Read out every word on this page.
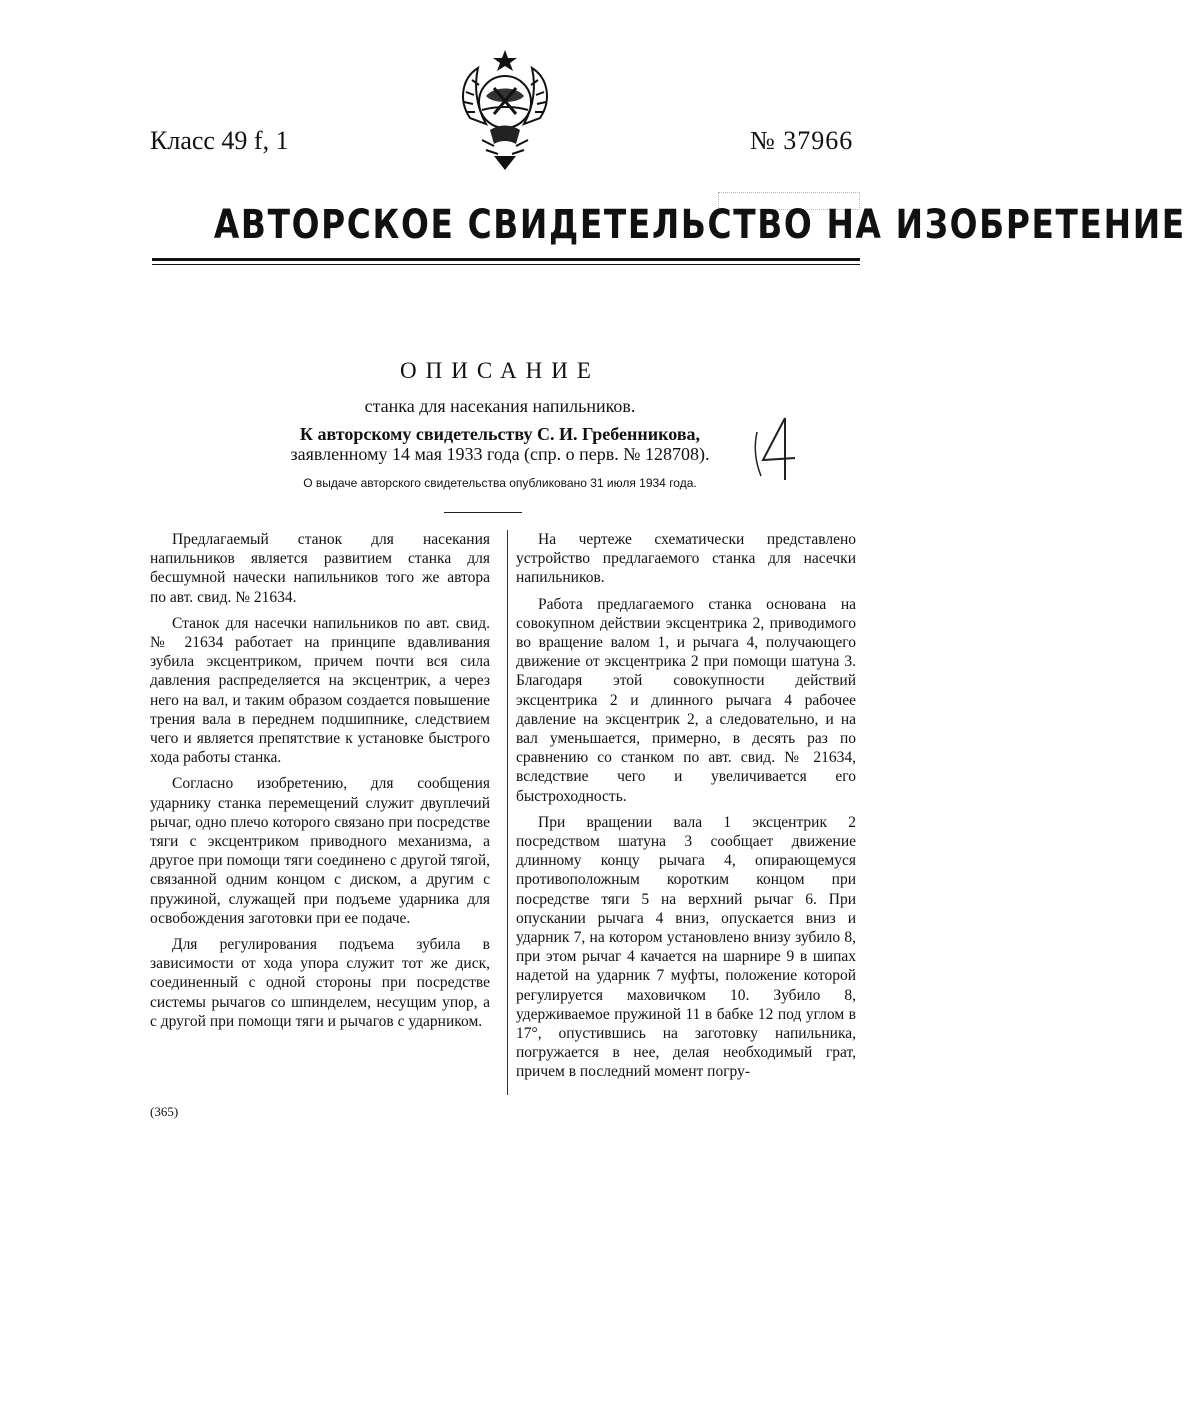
Класс 49 f, 1	№ 37966
АВТОРСКОЕ СВИДЕТЕЛЬСТВО НА ИЗОБРЕТЕНИЕ
ОПИСАНИЕ
станка для насекания напильников.
К авторскому свидетельству С. И. Гребенникова,
заявленному 14 мая 1933 года (спр. о перв. № 128708).
О выдаче авторского свидетельства опубликовано 31 июля 1934 года.

Предлагаемый станок для насекания напильников является развитием станка для бесшумной начески напильников того же автора по авт. свид. № 21634.

Станок для насечки напильников по авт. свид. № 21634 работает на принципе вдавливания зубила эксцентриком, причем почти вся сила давления распределяется на эксцентрик, а через него на вал, и таким образом создается повышение трения вала в переднем подшипнике, следствием чего и является препятствие к установке быстрого хода работы станка.

Согласно изобретению, для сообщения ударнику станка перемещений служит двуплечий рычаг, одно плечо которого связано при посредстве тяги с эксцентриком приводного механизма, а другое при помощи тяги соединено с другой тягой, связанной одним концом с диском, а другим с пружиной, служащей при подъеме ударника для освобождения заготовки при ее подаче.

Для регулирования подъема зубила в зависимости от хода упора служит тот же диск, соединенный с одной стороны при посредстве системы рычагов со шпинделем, несущим упор, а с другой при помощи тяги и рычагов с ударником.

На чертеже схематически представлено устройство предлагаемого станка для насечки напильников.

Работа предлагаемого станка основана на совокупном действии эксцентрика 2, приводимого во вращение валом 1, и рычага 4, получающего движение от эксцентрика 2 при помощи шатуна 3. Благодаря этой совокупности действий эксцентрика 2 и длинного рычага 4 рабочее давление на эксцентрик 2, а следовательно, и на вал уменьшается, примерно, в десять раз по сравнению со станком по авт. свид. № 21634, вследствие чего и увеличивается его быстроходность.

При вращении вала 1 эксцентрик 2 посредством шатуна 3 сообщает движение длинному концу рычага 4, опирающемуся противоположным коротким концом при посредстве тяги 5 на верхний рычаг 6. При опускании рычага 4 вниз, опускается вниз и ударник 7, на котором установлено внизу зубило 8, при этом рычаг 4 качается на шарнире 9 в шипах надетой на ударник 7 муфты, положение которой регулируется маховичком 10. Зубило 8, удерживаемое пружиной 11 в бабке 12 под углом в 17°, опустившись на заготовку напильника, погружается в нее, делая необходимый грат, причем в последний момент погру-

(365)
